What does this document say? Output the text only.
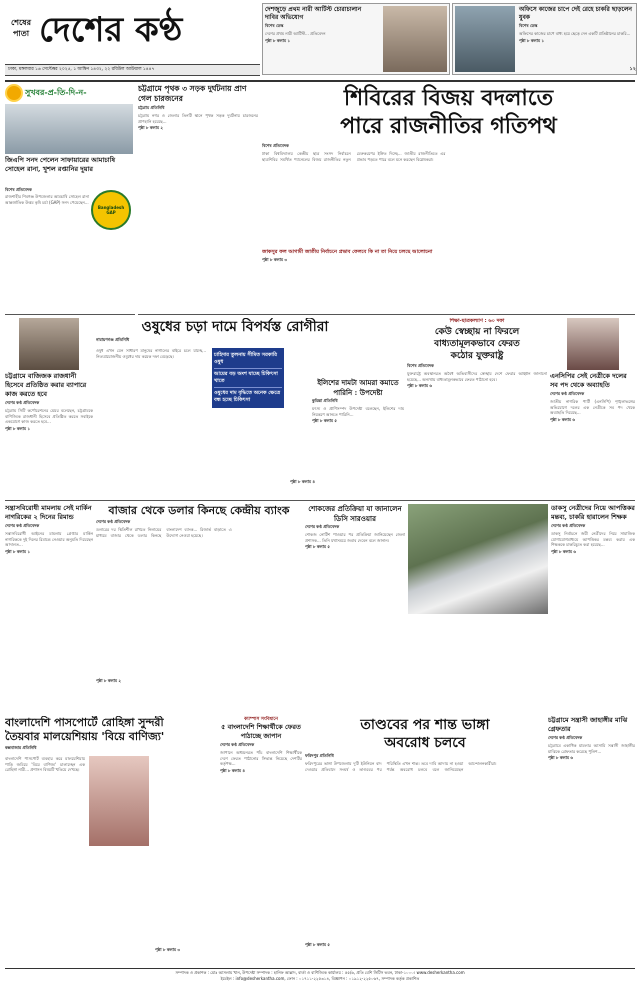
শেষের পাতা দেশের কণ্ঠ
ঢাকা, মঙ্গলবার ১৬ সেপ্টেম্বর ২০২৫, ১ আশ্বিন ১৪৩২, ২২ রবিউল আউয়াল ১৪৪৭
দেশজুড়ে প্রথম নারী আর্টিস্ট চোরাচালান দাবির অভিযোগ
বিশেষ ডেস্ক
দেশের প্রথম নারী আর্টিস্ট... প্রতিবেদন
পৃষ্ঠা ৮ কলাম ১
অফিসে কাজের চাপে দেই রেহে চাকরি ছাড়লেন যুবক
বিশেষ ডেস্ক
অফিসের কাজের চাপে বাধ্য হয়ে ছেড়ে দেন একটি প্রতিষ্ঠানের চাকরি...
পৃষ্ঠা ৮ কলাম ১
১২
সুখবর-প্র-তি-দি-ন-
জিএপি সনদ পেলেন সাফায়ারের আমাচাষি সোহেল রানা, খুশল রপ্তানির দুয়ার
বিশেষ প্রতিবেদক
রাজশাহীর শিবগঞ্জ উপজেলার আমচাষি সোহেল রানা আন্তর্জাতিক উত্তম কৃষি চর্চা (GAP) সনদ পেয়েছেন...
Bangladesh GAP
চট্টগ্রামে পৃথক ৩ সড়ক দুর্ঘটনায় প্রাণ গেল চারজনের
চট্টগ্রাম প্রতিনিধি
চট্টগ্রাম নগর ও জেলার তিনটি স্থানে পৃথক সড়ক দুর্ঘটনায় চারজনের প্রাণহানি হয়েছে...
পৃষ্ঠা ৮ কলাম ২
শিবিরের বিজয় বদলাতে
পারে রাজনীতির গতিপথ
বিশেষ প্রতিবেদক
ঢাকা বিশ্ববিদ্যালয় কেন্দ্রীয় ছাত্র সংসদ নির্বাচনে ছাত্রশিবির সমর্থিত প্যানেলের বিজয় রাজনীতির নতুন মেরুকরণের ইঙ্গিত দিচ্ছে... জাতীয় রাজনীতিতে এর প্রভাব পড়তে পারে বলে মনে করছেন বিশ্লেষকরা।
জাকসুর ফল আগামী জাতীয় নির্বাচনে প্রভাব ফেলবে কি না তা নিয়ে চলছে আলোচনা
পৃষ্ঠা ৮ কলাম ৩
চট্টগ্রামে বাজিজক রাজধানী হিসেবে প্রতিষ্ঠিত করার ব্যাপারে কাজ করতে হবে
দেশের কণ্ঠ প্রতিবেদক
চট্টগ্রাম সিটি কর্পোরেশনের মেয়র বলেছেন, চট্টগ্রামকে বাণিজ্যিক রাজধানী হিসেবে প্রতিষ্ঠিত করতে সবাইকে একযোগে কাজ করতে হবে...
পৃষ্ঠা ৮ কলাম ১
ওষুধের চড়া দামে বিপর্যস্ত রোগীরা
নারায়ণগঞ্জ প্রতিনিধি
ওষুধ এখন যেন সাধারণ মানুষের নাগালের বাইরে চলে যাচ্ছে... নিত্যপ্রয়োজনীয় ওষুধের দাম কয়েক দফা বেড়েছে।	চাহিদার তুলনায় সীমিত সরকারি ওষুধ
আয়ের বড় অংশ যাচ্ছে চিকিৎসা খাতে
ওষুধের দাম বৃদ্ধিতে অনেক ক্ষেত্রে বন্ধ হচ্ছে চিকিৎসা
পৃষ্ঠা ৮ কলাম ৪
ইলিশের দামটা আমরা কমাতে পারিনি : উপদেষ্টা
কুমিল্লা প্রতিনিধি
মৎস্য ও প্রাণিসম্পদ উপদেষ্টা বলেছেন, ইলিশের দাম নিয়ন্ত্রণে আনতে পারিনি...
পৃষ্ঠা ৮ কলাম ৫
শিক্ষা-ছাত্রকল্যাণ : ৬০ দফা
কেউ স্বেচ্ছায় না ফিরলে
বাধ্যতামূলকভাবে ফেরত
কঠোর যুক্তরাষ্ট্র
বিশেষ প্রতিবেদক
যুক্তরাষ্ট্রে অবস্থানরত অবৈধ অভিবাসীদের স্বেচ্ছায় দেশে ফেরার আহ্বান জানানো হয়েছে... অন্যথায় বাধ্যতামূলকভাবে ফেরত পাঠানো হবে।
পৃষ্ঠা ৮ কলাম ৬
এনসিপির সেই নেত্রীকে দলের সব পদ থেকে অব্যাহতি
দেশের কণ্ঠ প্রতিবেদক
জাতীয় নাগরিক পার্টি (এনসিপি) শৃঙ্খলাভঙ্গের অভিযোগে দলের এক নেত্রীকে সব পদ থেকে অব্যাহতি দিয়েছে...
পৃষ্ঠা ৮ কলাম ৬
সন্ত্রাসবিরোধী মামলায় সেই মার্কিন নাগরিকের ২ দিনের রিমান্ড
দেশের কণ্ঠ প্রতিবেদক
সন্ত্রাসবিরোধী আইনের মামলায় গ্রেপ্তার মার্কিন নাগরিককে দুই দিনের রিমান্ডে নেওয়ার অনুমতি দিয়েছেন আদালত...
পৃষ্ঠা ৮ কলাম ১
বাজার থেকে ডলার কিনছে কেন্দ্রীয় ব্যাংক
দেশের কণ্ঠ প্রতিবেদক
ডলারের দর স্থিতিশীল রাখতে নিলামের মাধ্যমে বাজার থেকে ডলার কিনছে বাংলাদেশ ব্যাংক... রিজার্ভ বাড়াতে এ উদ্যোগ নেওয়া হয়েছে।
পৃষ্ঠা ৮ কলাম ২
শোকজের প্রতিক্রিয়া যা জানালেন ডিসি সারওয়ার
দেশের কণ্ঠ প্রতিবেদক
শোকজ নোটিশ পাওয়ার পর প্রতিক্রিয়া জানিয়েছেন জেলা প্রশাসক... তিনি যথাসময়ে জবাব দেবেন বলে জানান।
পৃষ্ঠা ৮ কলাম ৫
ডাকসু নেত্রীদের নিয়ে আপত্তিকর মন্তব্য, চাকরি হারালেন শিক্ষক
দেশের কণ্ঠ প্রতিবেদক
ডাকসু নির্বাচনে জয়ী নেত্রীদের নিয়ে সামাজিক যোগাযোগমাধ্যমে আপত্তিকর মন্তব্য করায় এক শিক্ষককে চাকরিচ্যুত করা হয়েছে...
পৃষ্ঠা ৮ কলাম ৬
তাণ্ডবের পর শান্ত ভাঙ্গা
অবরোধ চলবে
ফরিদপুর প্রতিনিধি
ফরিদপুরের ভাঙ্গা উপজেলায় দুটি ইউনিয়ন বাদ দেওয়ার প্রতিবাদে সংঘর্ষ ও তাণ্ডবের পর পরিস্থিতি এখন শান্ত। তবে দাবি আদায় না হওয়া পর্যন্ত অবরোধ চলবে বলে জানিয়েছেন আন্দোলনকারীরা।
পৃষ্ঠা ৮ কলাম ৫
বাংলাদেশি পাসপোর্টে রোহিঙ্গা সুন্দরী
তৈয়বার মালয়েশিয়ায় 'বিয়ে বাণিজ্য'
কক্সবাজার প্রতিনিধি
বাংলাদেশি পাসপোর্ট ব্যবহার করে মালয়েশিয়ায় পাড়ি জমিয়ে 'বিয়ে বাণিজ্য' চালাচ্ছেন এক রোহিঙ্গা নারী... প্রশাসন বিষয়টি খতিয়ে দেখছে।
পৃষ্ঠা ৮ কলাম ৩
ক্যাম্পাস সংবিধানে
৫ বাংলাদেশি শিক্ষার্থীকে ফেরত পাঠাচ্ছে জাপান
দেশের কণ্ঠ প্রতিবেদক
জাপানে অধ্যয়নরত পাঁচ বাংলাদেশি শিক্ষার্থীকে দেশে ফেরত পাঠানোর সিদ্ধান্ত নিয়েছে দেশটির কর্তৃপক্ষ...
পৃষ্ঠা ৮ কলাম ৪
চট্টগ্রামে সন্ত্রাসী জাহাঙ্গীর মাঝি গ্রেফতার
দেশের কণ্ঠ প্রতিবেদক
চট্টগ্রামে একাধিক মামলার আসামি সন্ত্রাসী জাহাঙ্গীর মাঝিকে গ্রেফতার করেছে পুলিশ...
পৃষ্ঠা ৮ কলাম ৬
সম্পাদক ও প্রকাশক : মোঃ আসলাম খান, উপদেষ্টা সম্পাদক : হানিফ আল্লাদ, বার্তা ও বাণিজ্যিক কার্যালয় : ৫৫/৬, প্রতি বেশি সিটিস ভবন, ঢাকা-১০০০। www.desherkantha.com
ইমেইল : info@desherkantha.com, ফোন : ০১৭১১-২২৫৩১৪, বিজ্ঞাপন : ০১৯১২-২২৫০৬৭, সম্পাদক কর্তৃক প্রকাশিত
